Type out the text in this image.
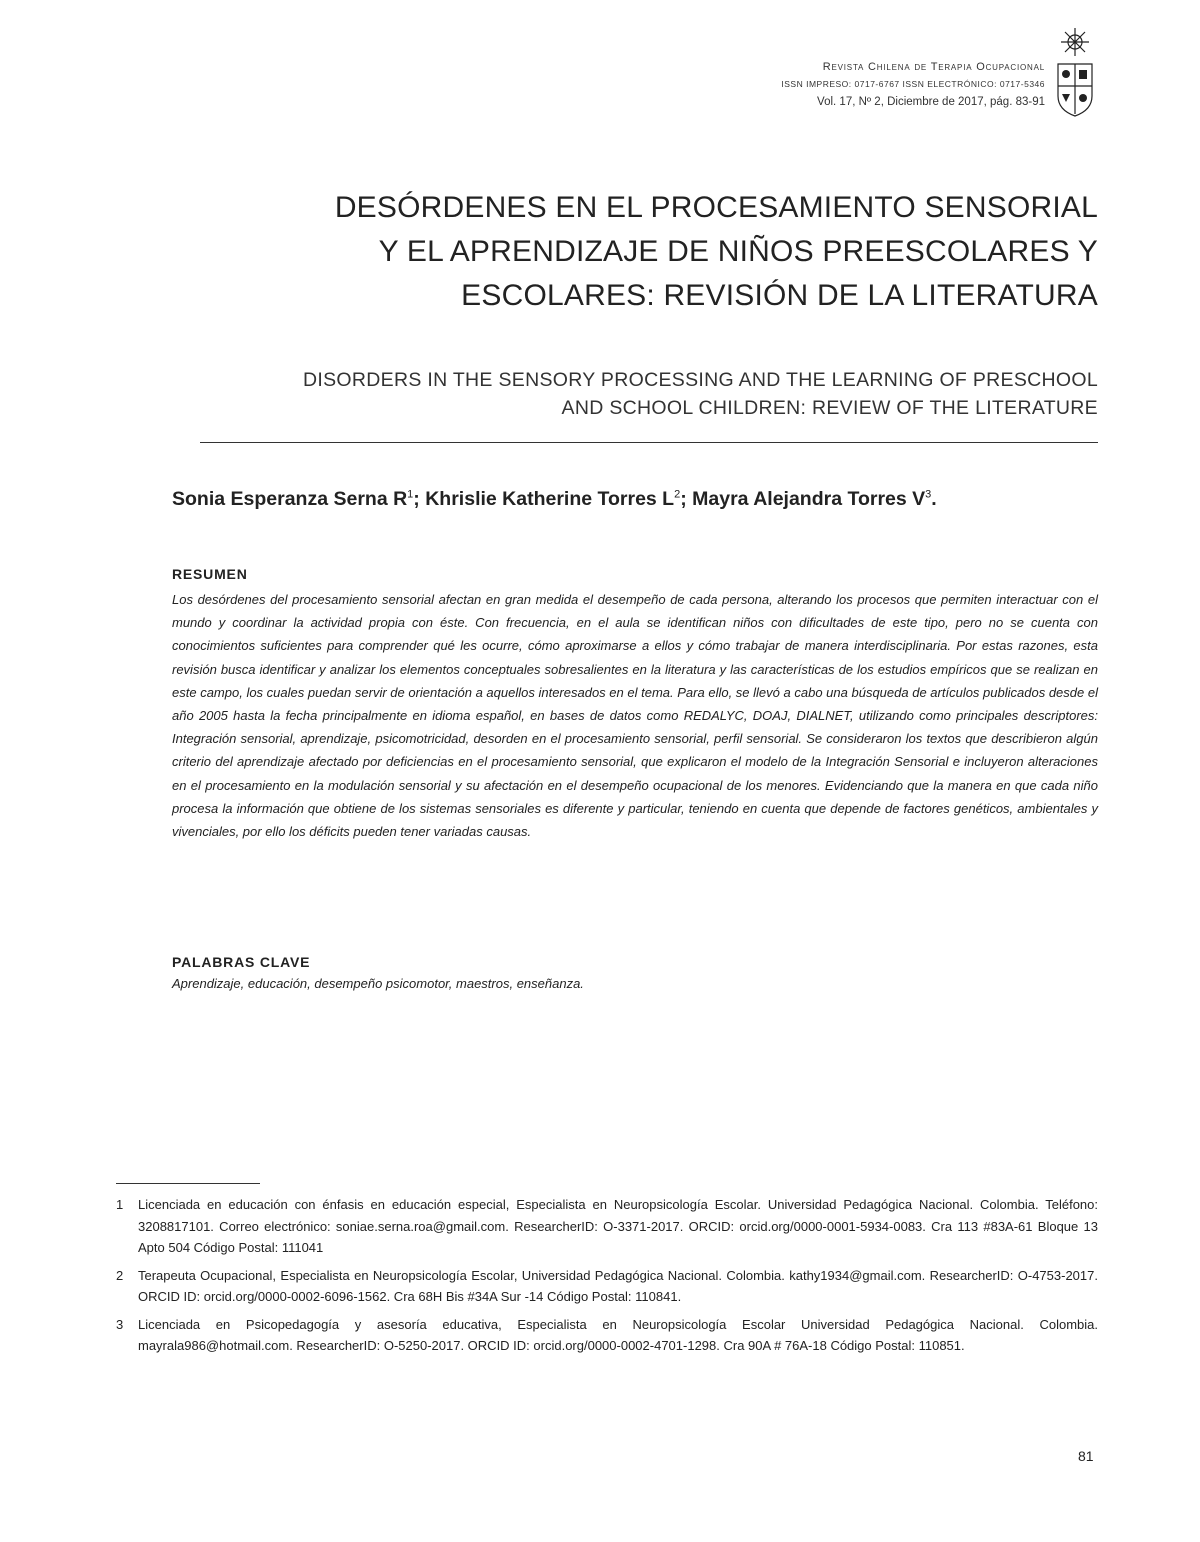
Revista Chilena de Terapia Ocupacional
ISSN IMPRESO: 0717-6767 ISSN ELECTRÓNICO: 0717-5346
Vol. 17, Nº 2, Diciembre de 2017, pág. 83-91
DESÓRDENES EN EL PROCESAMIENTO SENSORIAL
Y EL APRENDIZAJE DE NIÑOS PREESCOLARES Y
ESCOLARES: REVISIÓN DE LA LITERATURA
DISORDERS IN THE SENSORY PROCESSING AND THE LEARNING OF PRESCHOOL
AND SCHOOL CHILDREN: REVIEW OF THE LITERATURE
Sonia Esperanza Serna $R^1$; Khrislie Katherine Torres $L^2$; Mayra Alejandra Torres $V^3$.
RESUMEN

Los desórdenes del procesamiento sensorial afectan en gran medida el desempeño de cada persona, alterando los procesos que permiten interactuar con el mundo y coordinar la actividad propia con éste. Con frecuencia, en el aula se identifican niños con dificultades de este tipo, pero no se cuenta con conocimientos suficientes para comprender qué les ocurre, cómo aproximarse a ellos y cómo trabajar de manera interdisciplinaria. Por estas razones, esta revisión busca identificar y analizar los elementos conceptuales sobresalientes en la literatura y las características de los estudios empíricos que se realizan en este campo, los cuales puedan servir de orientación a aquellos interesados en el tema. Para ello, se llevó a cabo una búsqueda de artículos publicados desde el año 2005 hasta la fecha principalmente en idioma español, en bases de datos como REDALYC, DOAJ, DIALNET, utilizando como principales descriptores: Integración sensorial, aprendizaje, psicomotricidad, desorden en el procesamiento sensorial, perfil sensorial. Se consideraron los textos que describieron algún criterio del aprendizaje afectado por deficiencias en el procesamiento sensorial, que explicaron el modelo de la Integración Sensorial e incluyeron alteraciones en el procesamiento en la modulación sensorial y su afectación en el desempeño ocupacional de los menores. Evidenciando que la manera en que cada niño procesa la información que obtiene de los sistemas sensoriales es diferente y particular, teniendo en cuenta que depende de factores genéticos, ambientales y vivenciales, por ello los déficits pueden tener variadas causas.

PALABRAS CLAVE

Aprendizaje, educación, desempeño psicomotor, maestros, enseñanza.

1 Licenciada en educación con énfasis en educación especial, Especialista en Neuropsicología Escolar. Universidad Pedagógica Nacional. Colombia. Teléfono: 3208817101. Correo electrónico: soniae.serna.roa@gmail.com. ResearcherID: O-3371-2017. ORCID: orcid.org/0000-0001-5934-0083. Cra 113 #83A-61 Bloque 13 Apto 504 Código Postal: 111041

2 Terapeuta Ocupacional, Especialista en Neuropsicología Escolar, Universidad Pedagógica Nacional. Colombia. kathy1934@gmail.com. ResearcherID: O-4753-2017. ORCID ID: orcid.org/0000-0002-6096-1562. Cra 68H Bis #34A Sur -14 Código Postal: 110841.

3 Licenciada en Psicopedagogía y asesoría educativa, Especialista en Neuropsicología Escolar Universidad Pedagógica Nacional. Colombia. mayrala986@hotmail.com. ResearcherID: O-5250-2017. ORCID ID: orcid.org/0000-0002-4701-1298. Cra 90A # 76A-18 Código Postal: 110851.

81
